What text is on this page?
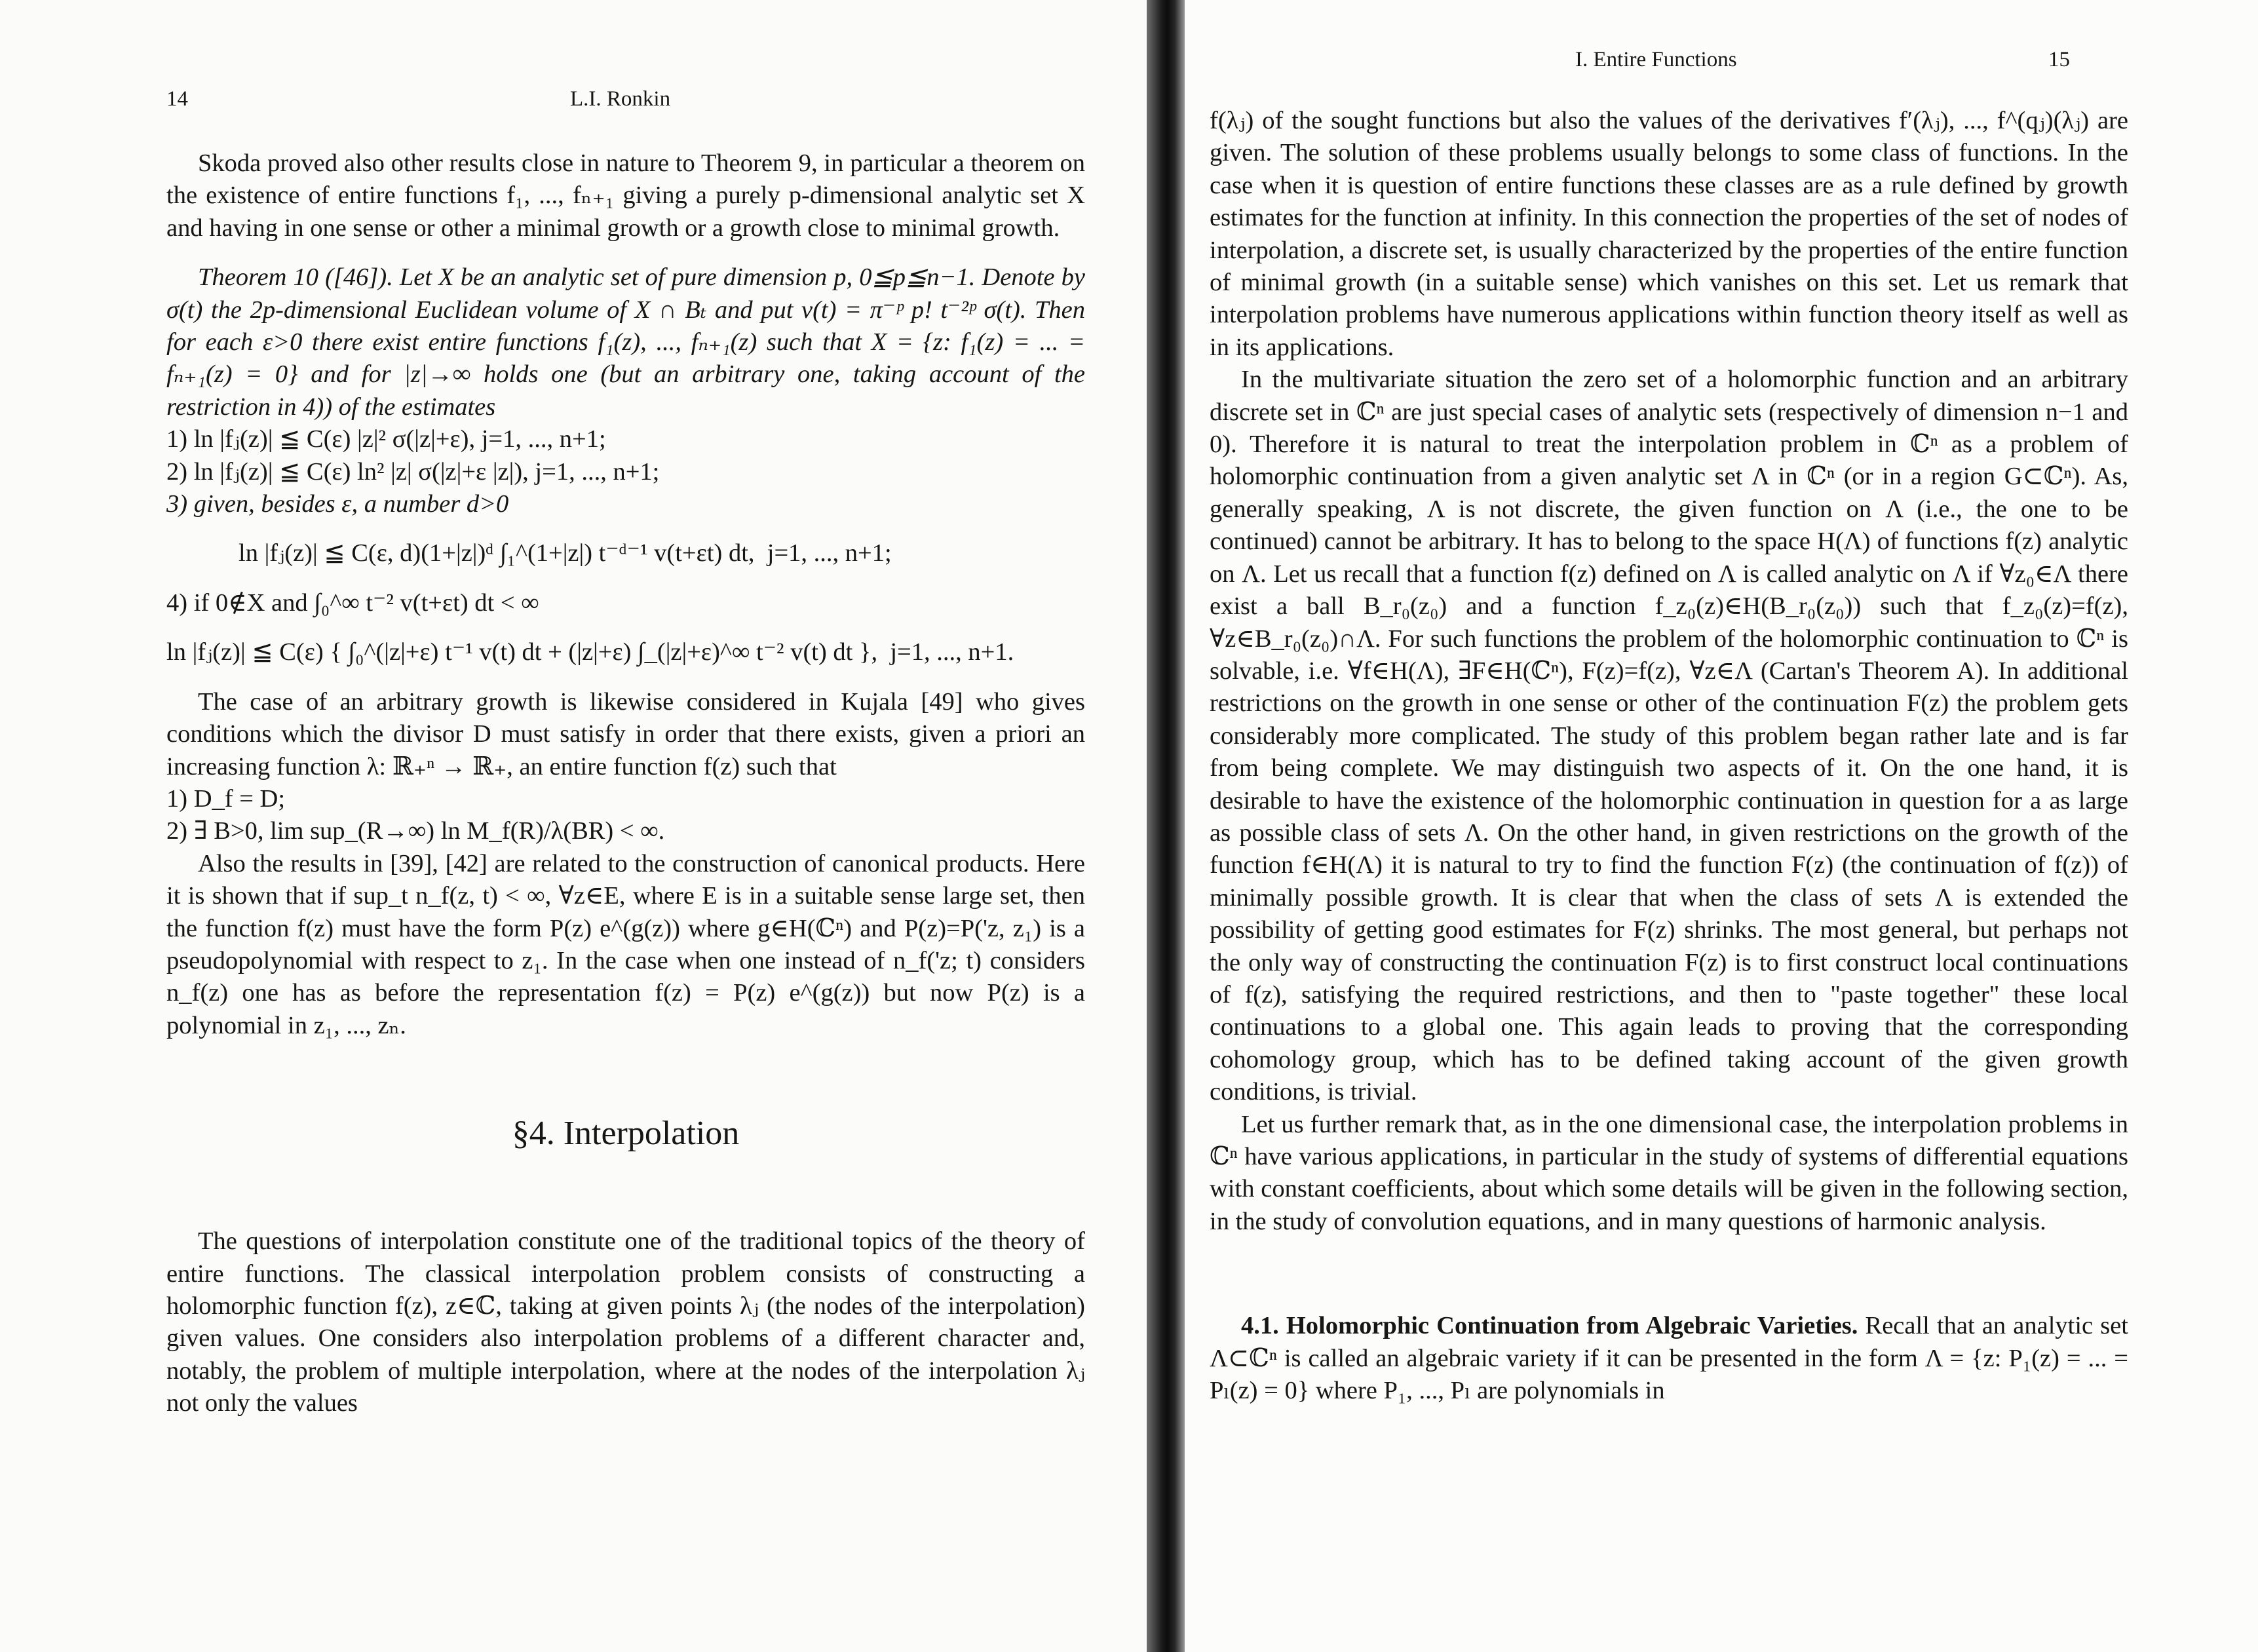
14	L.I. Ronkin

Skoda proved also other results close in nature to Theorem 9, in particular a theorem on the existence of entire functions f₁, ..., fₙ₊₁ giving a purely p-dimensional analytic set X and having in one sense or other a minimal growth or a growth close to minimal growth.

Theorem 10 ([46]). Let X be an analytic set of pure dimension p, 0≦p≦n−1. Denote by σ(t) the 2p-dimensional Euclidean volume of X ∩ Bₜ and put v(t) = π⁻ᵖ p! t⁻²ᵖ σ(t). Then for each ε>0 there exist entire functions f₁(z), ..., fₙ₊₁(z) such that X = {z: f₁(z) = ... = fₙ₊₁(z) = 0} and for |z|→∞ holds one (but an arbitrary one, taking account of the restriction in 4)) of the estimates

1) ln |fⱼ(z)| ≦ C(ε) |z|² σ(|z|+ε), j=1, ..., n+1;

2) ln |fⱼ(z)| ≦ C(ε) ln² |z| σ(|z|+ε |z|), j=1, ..., n+1;

3) given, besides ε, a number d>0

ln |fⱼ(z)| ≦ C(ε, d)(1+|z|)ᵈ ∫₁^(1+|z|) t⁻ᵈ⁻¹ v(t+εt) dt,  j=1, ..., n+1;

4) if 0∉X and ∫₀^∞ t⁻² v(t+εt) dt < ∞

ln |fⱼ(z)| ≦ C(ε) { ∫₀^(|z|+ε) t⁻¹ v(t) dt + (|z|+ε) ∫_(|z|+ε)^∞ t⁻² v(t) dt },  j=1, ..., n+1.

The case of an arbitrary growth is likewise considered in Kujala [49] who gives conditions which the divisor D must satisfy in order that there exists, given a priori an increasing function λ: ℝ₊ⁿ → ℝ₊, an entire function f(z) such that

1) D_f = D;

2) ∃ B>0, lim sup_(R→∞) ln M_f(R)/λ(BR) < ∞.

Also the results in [39], [42] are related to the construction of canonical products. Here it is shown that if sup_t n_f(z, t) < ∞, ∀z∈E, where E is in a suitable sense large set, then the function f(z) must have the form P(z) e^(g(z)) where g∈H(ℂⁿ) and P(z)=P('z, z₁) is a pseudopolynomial with respect to z₁. In the case when one instead of n_f('z; t) considers n_f(z) one has as before the representation f(z) = P(z) e^(g(z)) but now P(z) is a polynomial in z₁, ..., zₙ.

§4. Interpolation

The questions of interpolation constitute one of the traditional topics of the theory of entire functions. The classical interpolation problem consists of constructing a holomorphic function f(z), z∈ℂ, taking at given points λⱼ (the nodes of the interpolation) given values. One considers also interpolation problems of a different character and, notably, the problem of multiple interpolation, where at the nodes of the interpolation λⱼ not only the values

I. Entire Functions	15

f(λⱼ) of the sought functions but also the values of the derivatives f′(λⱼ), ..., f^(qⱼ)(λⱼ) are given. The solution of these problems usually belongs to some class of functions. In the case when it is question of entire functions these classes are as a rule defined by growth estimates for the function at infinity. In this connection the properties of the set of nodes of interpolation, a discrete set, is usually characterized by the properties of the entire function of minimal growth (in a suitable sense) which vanishes on this set. Let us remark that interpolation problems have numerous applications within function theory itself as well as in its applications.

In the multivariate situation the zero set of a holomorphic function and an arbitrary discrete set in ℂⁿ are just special cases of analytic sets (respectively of dimension n−1 and 0). Therefore it is natural to treat the interpolation problem in ℂⁿ as a problem of holomorphic continuation from a given analytic set Λ in ℂⁿ (or in a region G⊂ℂⁿ). As, generally speaking, Λ is not discrete, the given function on Λ (i.e., the one to be continued) cannot be arbitrary. It has to belong to the space H(Λ) of functions f(z) analytic on Λ. Let us recall that a function f(z) defined on Λ is called analytic on Λ if ∀z₀∈Λ there exist a ball B_r₀(z₀) and a function f_z₀(z)∈H(B_r₀(z₀)) such that f_z₀(z)=f(z), ∀z∈B_r₀(z₀)∩Λ. For such functions the problem of the holomorphic continuation to ℂⁿ is solvable, i.e. ∀f∈H(Λ), ∃F∈H(ℂⁿ), F(z)=f(z), ∀z∈Λ (Cartan's Theorem A). In additional restrictions on the growth in one sense or other of the continuation F(z) the problem gets considerably more complicated. The study of this problem began rather late and is far from being complete. We may distinguish two aspects of it. On the one hand, it is desirable to have the existence of the holomorphic continuation in question for a as large as possible class of sets Λ. On the other hand, in given restrictions on the growth of the function f∈H(Λ) it is natural to try to find the function F(z) (the continuation of f(z)) of minimally possible growth. It is clear that when the class of sets Λ is extended the possibility of getting good estimates for F(z) shrinks. The most general, but perhaps not the only way of constructing the continuation F(z) is to first construct local continuations of f(z), satisfying the required restrictions, and then to "paste together" these local continuations to a global one. This again leads to proving that the corresponding cohomology group, which has to be defined taking account of the given growth conditions, is trivial.

Let us further remark that, as in the one dimensional case, the interpolation problems in ℂⁿ have various applications, in particular in the study of systems of differential equations with constant coefficients, about which some details will be given in the following section, in the study of convolution equations, and in many questions of harmonic analysis.

4.1. Holomorphic Continuation from Algebraic Varieties. Recall that an analytic set Λ⊂ℂⁿ is called an algebraic variety if it can be presented in the form Λ = {z: P₁(z) = ... = Pₗ(z) = 0} where P₁, ..., Pₗ are polynomials in
